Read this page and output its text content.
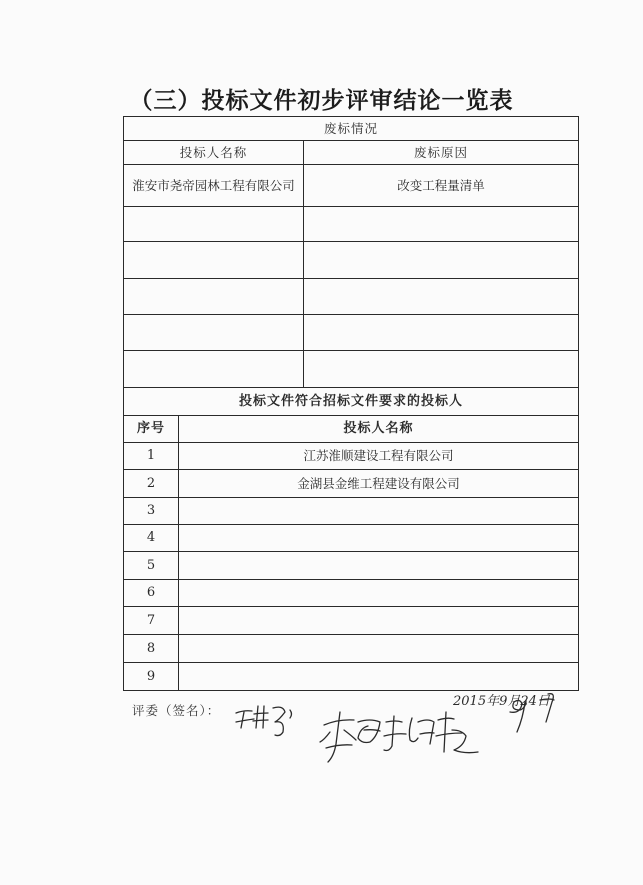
（三）投标文件初步评审结论一览表
废标情况	
投标人名称	废标原因
淮安市尧帝园林工程有限公司	改变工程量清单

投标文件符合招标文件要求的投标人	
序号	投标人名称
1	江苏淮顺建设工程有限公司
2	金湖县金维工程建设有限公司
3	
4	
5	
6	
7	
8	
9	
评委（签名）：
2015年9月24日
